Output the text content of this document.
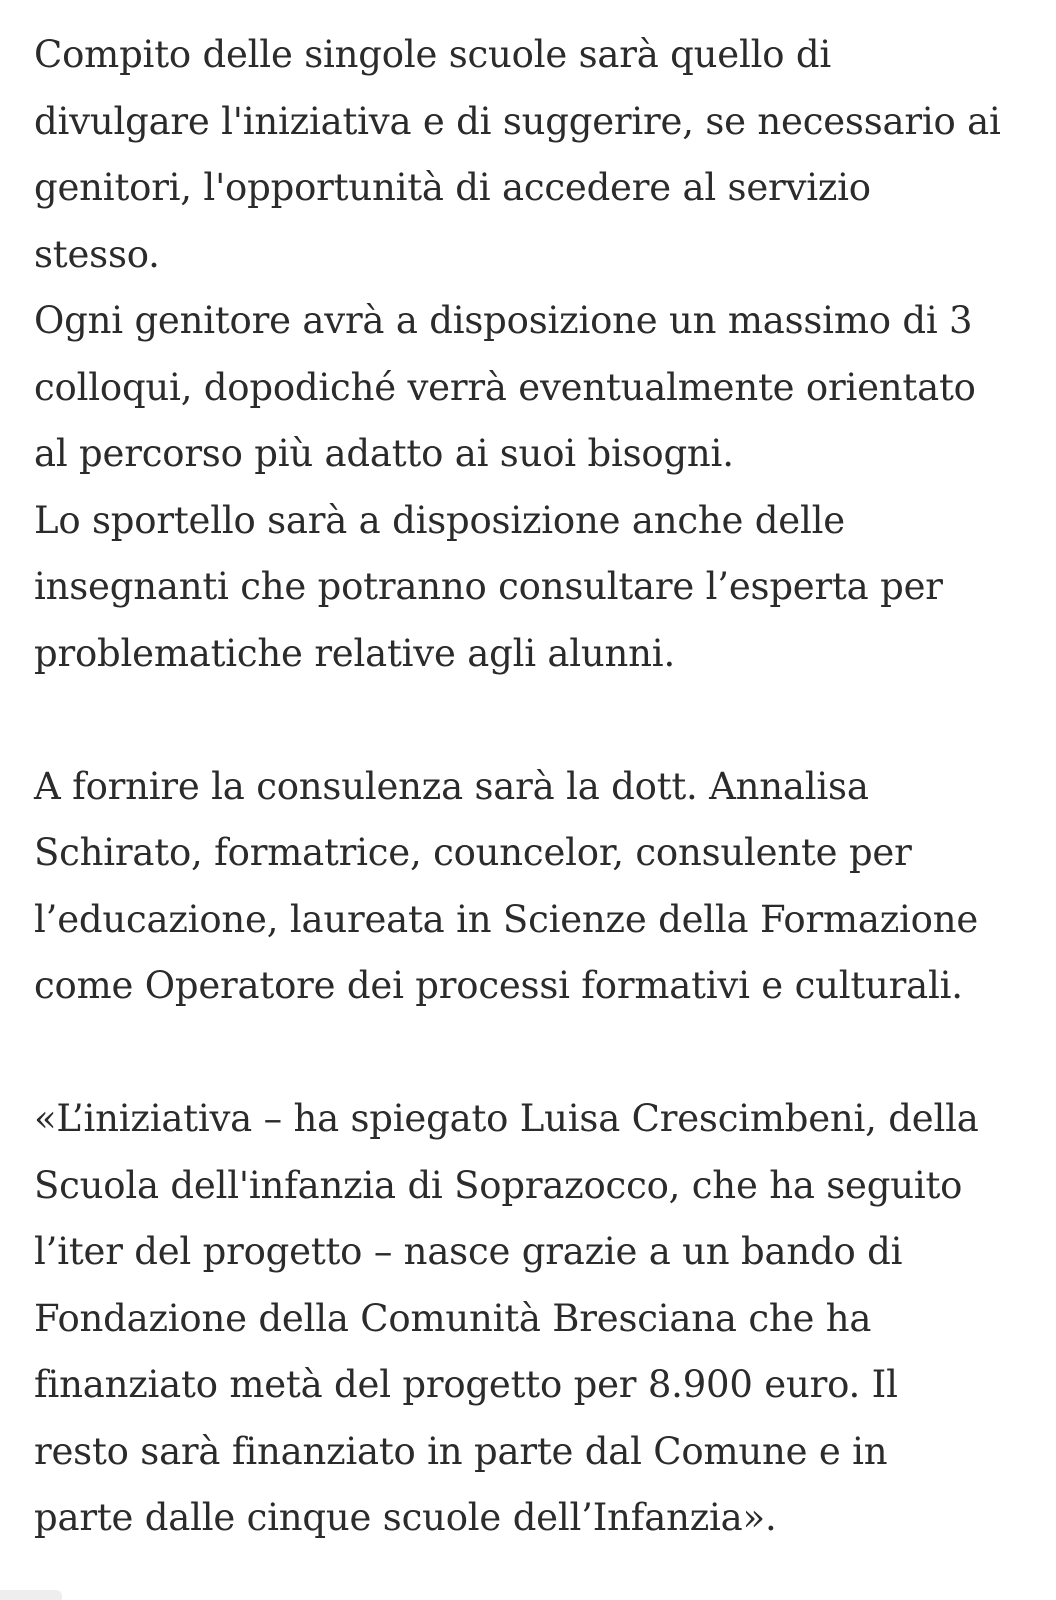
Compito delle singole scuole sarà quello di
divulgare l'iniziativa e di suggerire, se necessario ai
genitori, l'opportunità di accedere al servizio
stesso.
Ogni genitore avrà a disposizione un massimo di 3
colloqui, dopodiché verrà eventualmente orientato
al percorso più adatto ai suoi bisogni.
Lo sportello sarà a disposizione anche delle
insegnanti che potranno consultare l’esperta per
problematiche relative agli alunni.

A fornire la consulenza sarà la dott. Annalisa
Schirato, formatrice, councelor, consulente per
l’educazione, laureata in Scienze della Formazione
come Operatore dei processi formativi e culturali.

«L’iniziativa – ha spiegato Luisa Crescimbeni, della
Scuola dell'infanzia di Soprazocco, che ha seguito
l’iter del progetto – nasce grazie a un bando di
Fondazione della Comunità Bresciana che ha
finanziato metà del progetto per 8.900 euro. Il
resto sarà finanziato in parte dal Comune e in
parte dalle cinque scuole dell’Infanzia».
